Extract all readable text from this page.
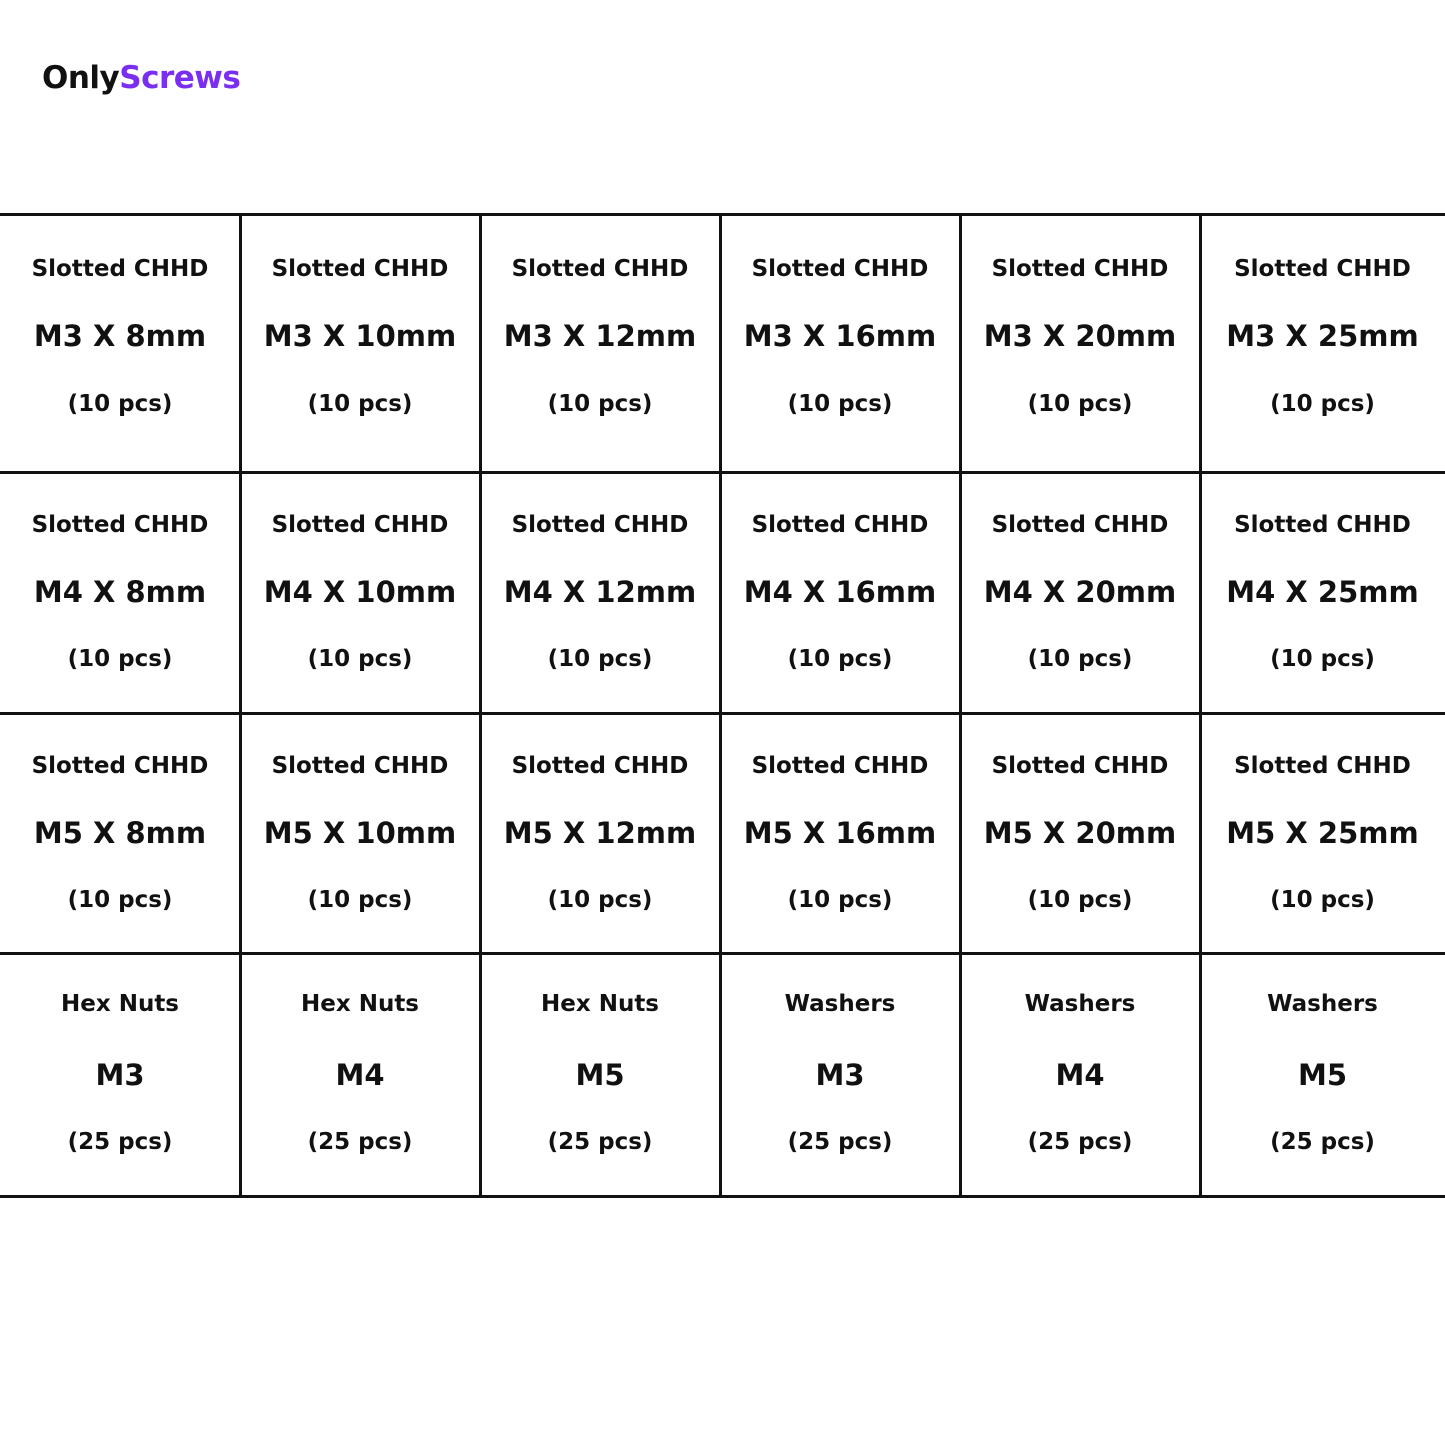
OnlyScrews
Slotted CHHD
M3 X 8mm
(10 pcs)
Slotted CHHD
M3 X 10mm
(10 pcs)
Slotted CHHD
M3 X 12mm
(10 pcs)
Slotted CHHD
M3 X 16mm
(10 pcs)
Slotted CHHD
M3 X 20mm
(10 pcs)
Slotted CHHD
M3 X 25mm
(10 pcs)
Slotted CHHD
M4 X 8mm
(10 pcs)
Slotted CHHD
M4 X 10mm
(10 pcs)
Slotted CHHD
M4 X 12mm
(10 pcs)
Slotted CHHD
M4 X 16mm
(10 pcs)
Slotted CHHD
M4 X 20mm
(10 pcs)
Slotted CHHD
M4 X 25mm
(10 pcs)
Slotted CHHD
M5 X 8mm
(10 pcs)
Slotted CHHD
M5 X 10mm
(10 pcs)
Slotted CHHD
M5 X 12mm
(10 pcs)
Slotted CHHD
M5 X 16mm
(10 pcs)
Slotted CHHD
M5 X 20mm
(10 pcs)
Slotted CHHD
M5 X 25mm
(10 pcs)
Hex Nuts
M3
(25 pcs)
Hex Nuts
M4
(25 pcs)
Hex Nuts
M5
(25 pcs)
Washers
M3
(25 pcs)
Washers
M4
(25 pcs)
Washers
M5
(25 pcs)
